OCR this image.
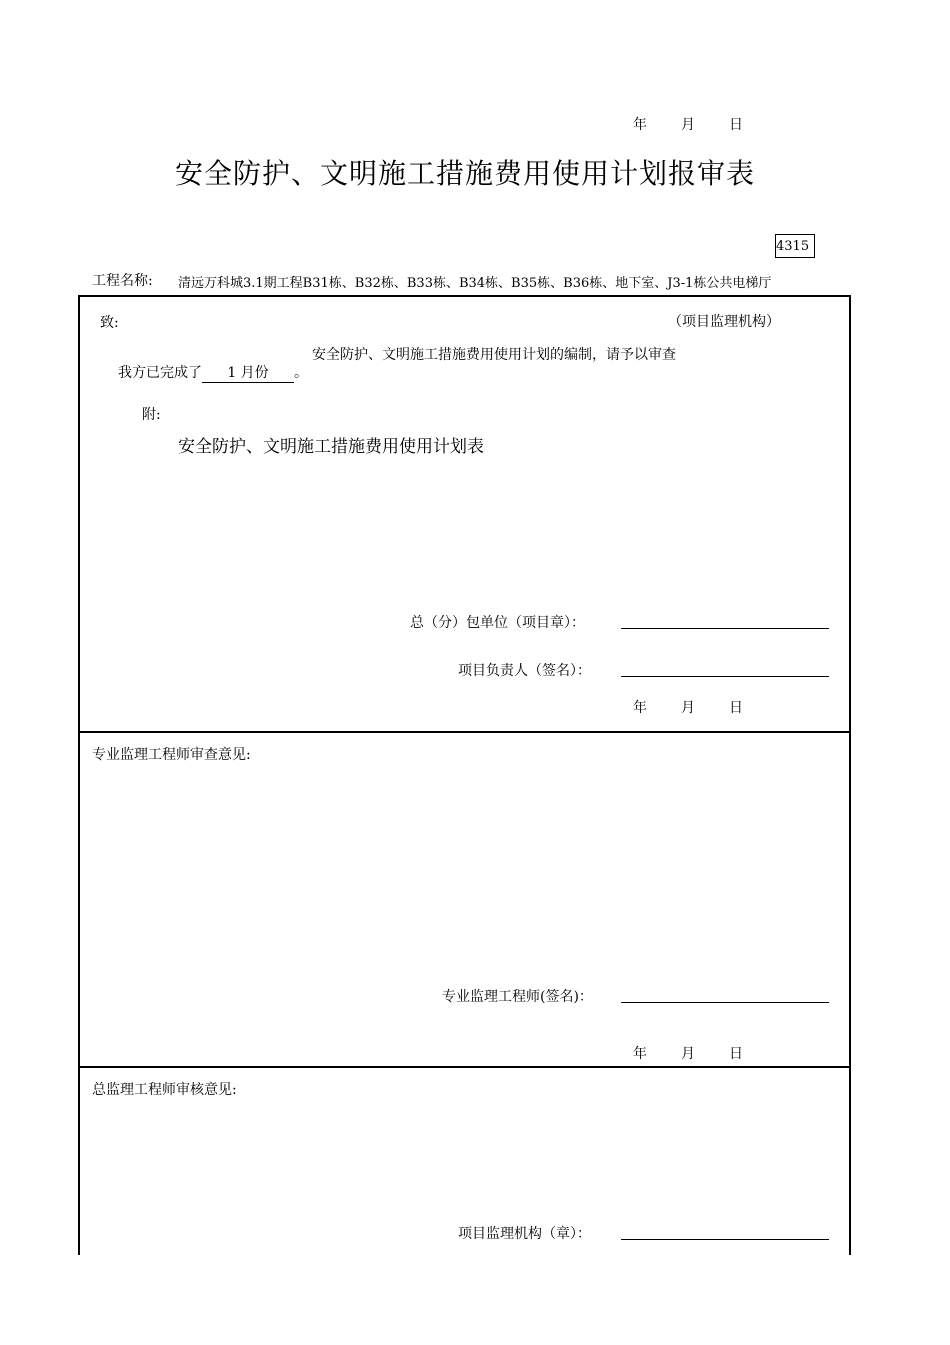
年	月	日
安全防护、文明施工措施费用使用计划报审表
4315
工程名称: 清远万科城3.1期工程B31栋、B32栋、B33栋、B34栋、B35栋、B36栋、地下室、J3-1栋公共电梯厅
致:	（项目监理机构）
安全防护、文明施工措施费用使用计划的编制，请予以审查
我方已完成了 1 月份 。
附:
安全防护、文明施工措施费用使用计划表
总（分）包单位（项目章）：
项目负责人（签名）：
年	月	日
专业监理工程师审查意见:
专业监理工程师(签名)：
年	月	日
总监理工程师审核意见:
项目监理机构（章）：
